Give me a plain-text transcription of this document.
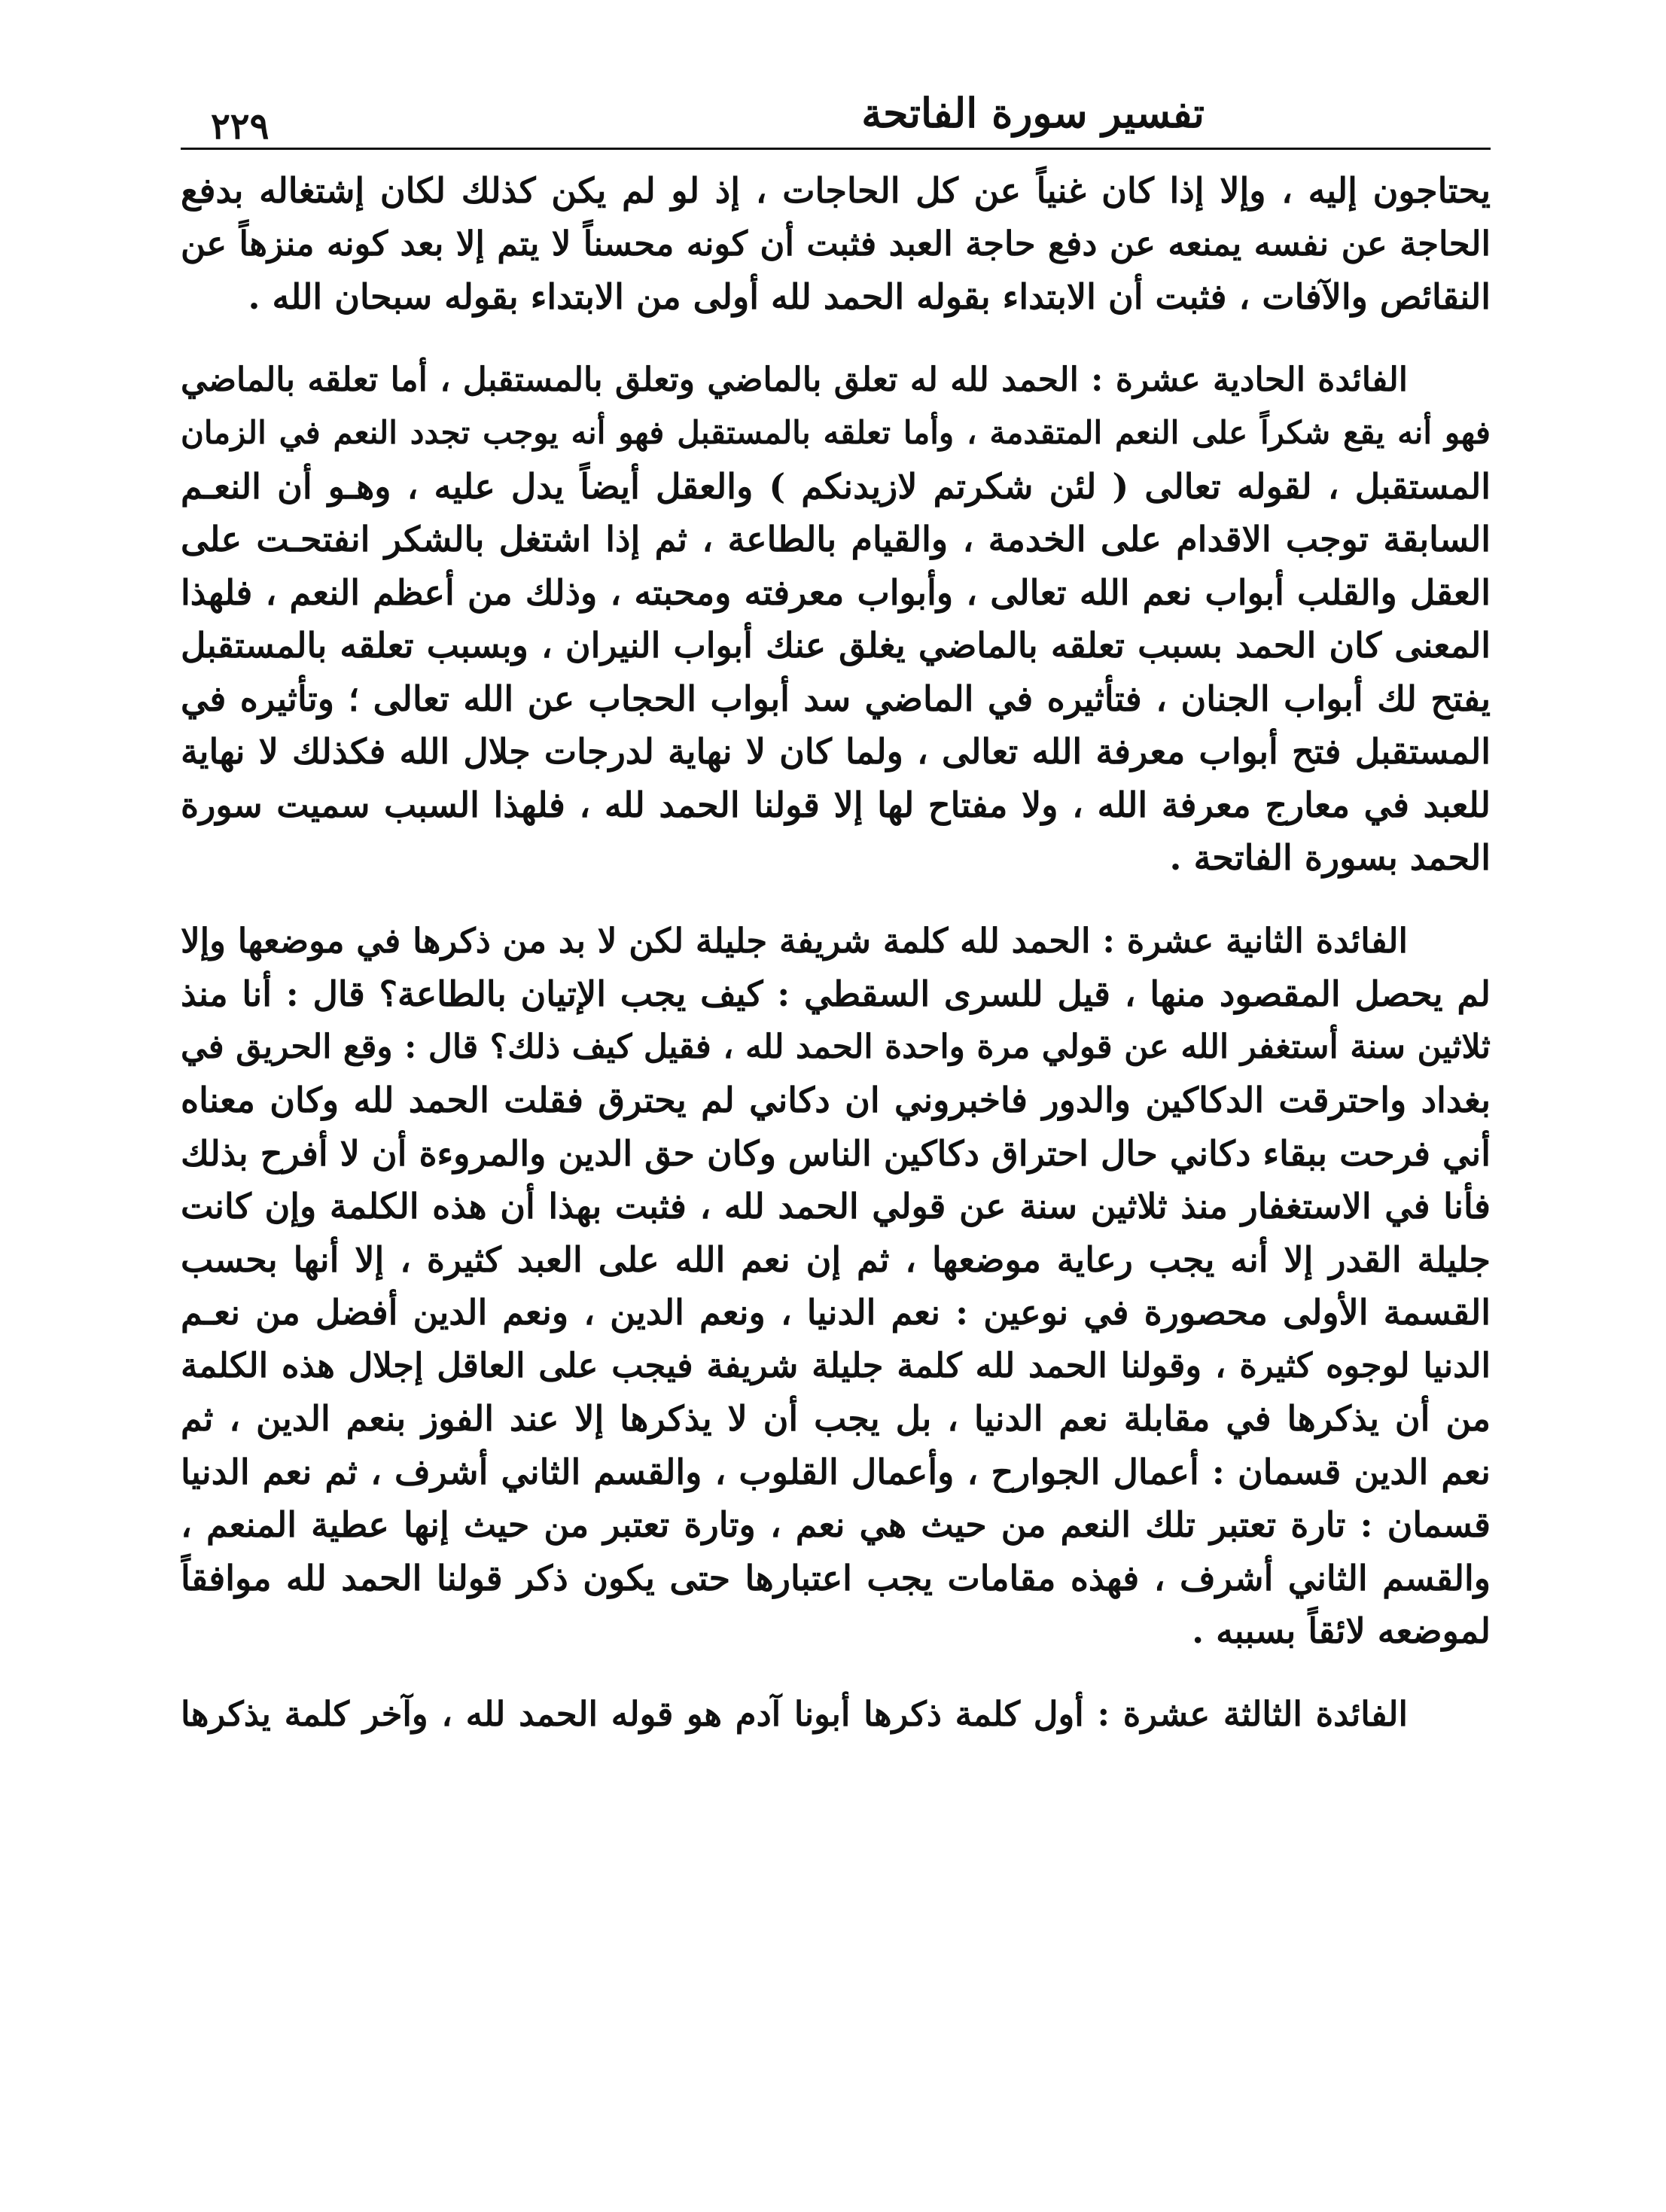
تفسير سورة الفاتحة
٢٢٩
يحتاجون إليه ، وإلا إذا كان غنياً عن كل الحاجات ، إذ لو لم يكن كذلك لكان إشتغاله بدفع
الحاجة عن نفسه يمنعه عن دفع حاجة العبد فثبت أن كونه محسناً لا يتم إلا بعد كونه منزهاً عن
النقائص والآفات ، فثبت أن الابتداء بقوله الحمد لله أولى من الابتداء بقوله سبحان الله .
الفائدة الحادية عشرة : الحمد لله له تعلق بالماضي وتعلق بالمستقبل ، أما تعلقه بالماضي
فهو أنه يقع شكراً على النعم المتقدمة ، وأما تعلقه بالمستقبل فهو أنه يوجب تجدد النعم في الزمان
المستقبل ، لقوله تعالى ( لئن شكرتم لازيدنكم ) والعقل أيضاً يدل عليه ، وهـو أن النعـم
السابقة توجب الاقدام على الخدمة ، والقيام بالطاعة ، ثم إذا اشتغل بالشكر انفتحـت على
العقل والقلب أبواب نعم الله تعالى ، وأبواب معرفته ومحبته ، وذلك من أعظم النعم ، فلهذا
المعنى كان الحمد بسبب تعلقه بالماضي يغلق عنك أبواب النيران ، وبسبب تعلقه بالمستقبل
يفتح لك أبواب الجنان ، فتأثيره في الماضي سد أبواب الحجاب عن الله تعالى ؛ وتأثيره في
المستقبل فتح أبواب معرفة الله تعالى ، ولما كان لا نهاية لدرجات جلال الله فكذلك لا نهاية
للعبد في معارج معرفة الله ، ولا مفتاح لها إلا قولنا الحمد لله ، فلهذا السبب سميت سورة
الحمد بسورة الفاتحة .
الفائدة الثانية عشرة : الحمد لله كلمة شريفة جليلة لكن لا بد من ذكرها في موضعها وإلا
لم يحصل المقصود منها ، قيل للسرى السقطي : كيف يجب الإتيان بالطاعة؟ قال : أنا منذ
ثلاثين سنة أستغفر الله عن قولي مرة واحدة الحمد لله ، فقيل كيف ذلك؟ قال : وقع الحريق في
بغداد واحترقت الدكاكين والدور فاخبروني ان دكاني لم يحترق فقلت الحمد لله وكان معناه
أني فرحت ببقاء دكاني حال احتراق دكاكين الناس وكان حق الدين والمروءة أن لا أفرح بذلك
فأنا في الاستغفار منذ ثلاثين سنة عن قولي الحمد لله ، فثبت بهذا أن هذه الكلمة وإن كانت
جليلة القدر إلا أنه يجب رعاية موضعها ، ثم إن نعم الله على العبد كثيرة ، إلا أنها بحسب
القسمة الأولى محصورة في نوعين : نعم الدنيا ، ونعم الدين ، ونعم الدين أفضل من نعـم
الدنيا لوجوه كثيرة ، وقولنا الحمد لله كلمة جليلة شريفة فيجب على العاقل إجلال هذه الكلمة
من أن يذكرها في مقابلة نعم الدنيا ، بل يجب أن لا يذكرها إلا عند الفوز بنعم الدين ، ثم
نعم الدين قسمان : أعمال الجوارح ، وأعمال القلوب ، والقسم الثاني أشرف ، ثم نعم الدنيا
قسمان : تارة تعتبر تلك النعم من حيث هي نعم ، وتارة تعتبر من حيث إنها عطية المنعم ،
والقسم الثاني أشرف ، فهذه مقامات يجب اعتبارها حتى يكون ذكر قولنا الحمد لله موافقاً
لموضعه لائقاً بسببه .
الفائدة الثالثة عشرة : أول كلمة ذكرها أبونا آدم هو قوله الحمد لله ، وآخر كلمة يذكرها
